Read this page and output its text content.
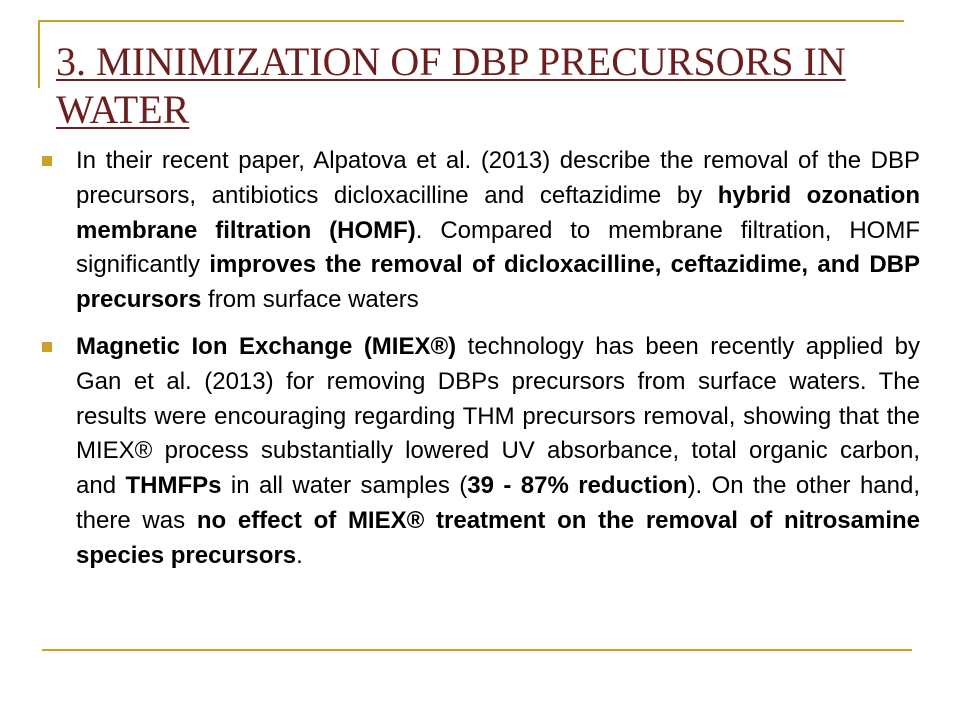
3. MINIMIZATION OF DBP PRECURSORS IN WATER

In their recent paper, Alpatova et al. (2013) describe the removal of the DBP precursors, antibiotics dicloxacilline and ceftazidime by hybrid ozonation membrane filtration (HOMF). Compared to membrane filtration, HOMF significantly improves the removal of dicloxacilline, ceftazidime, and DBP precursors from surface waters

Magnetic Ion Exchange (MIEX®) technology has been recently applied by Gan et al. (2013) for removing DBPs precursors from surface waters. The results were encouraging regarding THM precursors removal, showing that the MIEX® process substantially lowered UV absorbance, total organic carbon, and THMFPs in all water samples (39 - 87% reduction). On the other hand, there was no effect of MIEX® treatment on the removal of nitrosamine species precursors.
